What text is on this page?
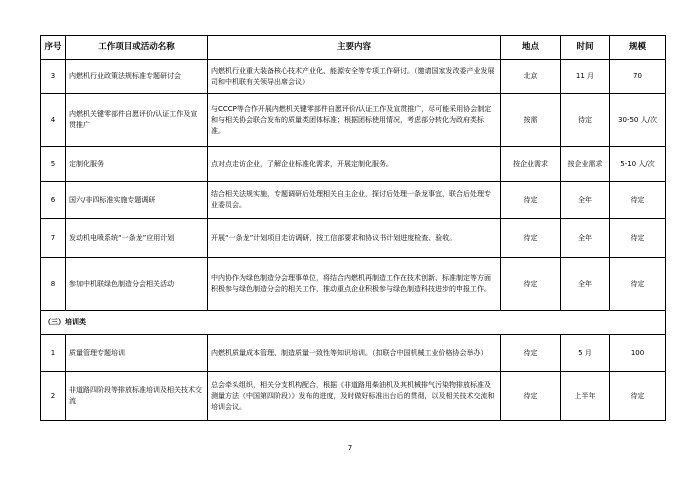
序号	工作项目或活动名称	主要内容	地点	时间	规模
3	内燃机行业政策法规标准专题研讨会	内燃机行业重大装备核心技术产业化、能源安全等专项工作研讨。（邀请国家发改委产业发展司和中机联有关领导出席会议）	北京	11 月	70
4	内燃机关键零部件自愿评价/认证工作及宣贯推广	与CCCP等合作开展内燃机关键零部件自愿评价/认证工作及宣贯推广，尽可能采用协会制定和与相关协会联合发布的质量类团体标准；根据团标使用情况，考虑部分转化为政府类标准。	按需	待定	30-50 人/次
5	定制化服务	点对点走访企业，了解企业标准化需求，开展定制化服务。	按企业需求	按企业需求	5-10 人/次
6	国六/非四标准实施专题调研	结合相关法规实施，专题调研后处理相关自主企业，探讨后处理一条龙事宜，联合后处理专业委员会。	待定	全年	待定
7	发动机电喷系统“一条龙”应用计划	开展“一条龙”计划项目走访调研，按工信部要求和协议书计划进度检查、验收。	待定	全年	待定
8	参加中机联绿色制造分会相关活动	中内协作为绿色制造分会理事单位，将结合内燃机再制造工作在技术创新、标准制定等方面积极参与绿色制造分会的相关工作，推动重点企业积极参与绿色制造科技进步的申报工作。	待定	全年	待定
（三）培训类					
1	质量管理专题培训	内燃机质量成本管理、制造质量一致性等知识培训。（扣联合中国机械工业价格协会举办）	待定	5 月	100
2	非道路四阶段等排放标准培训及相关技术交流	总会牵头组织，相关分支机构配合，根据《非道路用柴油机及其机械排气污染物排放标准及测量方法（中国第四阶段）》发布的进度，及时做好标准出台后的贯彻，以及相关技术交流和培训会议。	待定	上半年	待定
7
